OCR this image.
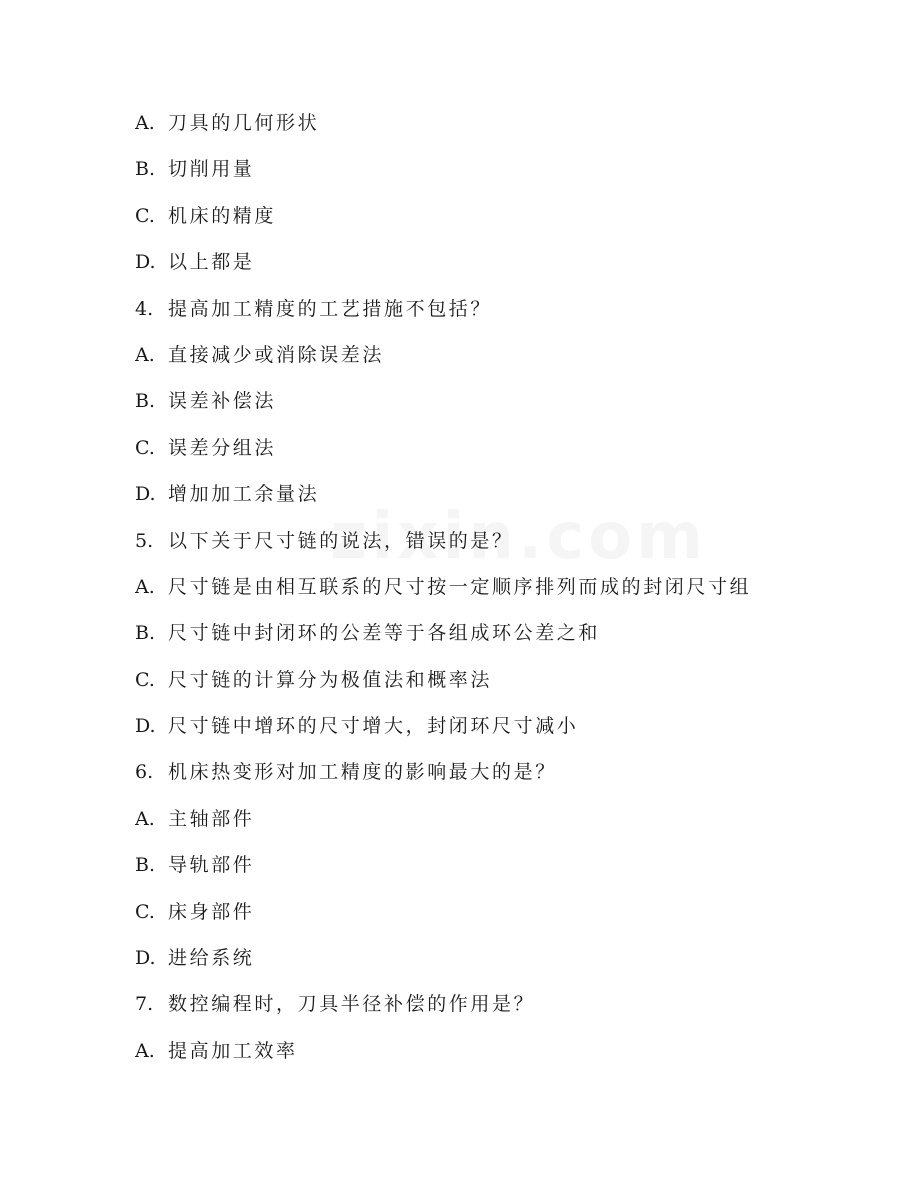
A. 刀具的几何形状
B. 切削用量
C. 机床的精度
D. 以上都是
4. 提高加工精度的工艺措施不包括？
A. 直接减少或消除误差法
B. 误差补偿法
C. 误差分组法
D. 增加加工余量法
5. 以下关于尺寸链的说法，错误的是？
A. 尺寸链是由相互联系的尺寸按一定顺序排列而成的封闭尺寸组
B. 尺寸链中封闭环的公差等于各组成环公差之和
C. 尺寸链的计算分为极值法和概率法
D. 尺寸链中增环的尺寸增大，封闭环尺寸减小
6. 机床热变形对加工精度的影响最大的是？
A. 主轴部件
B. 导轨部件
C. 床身部件
D. 进给系统
7. 数控编程时，刀具半径补偿的作用是？
A. 提高加工效率
